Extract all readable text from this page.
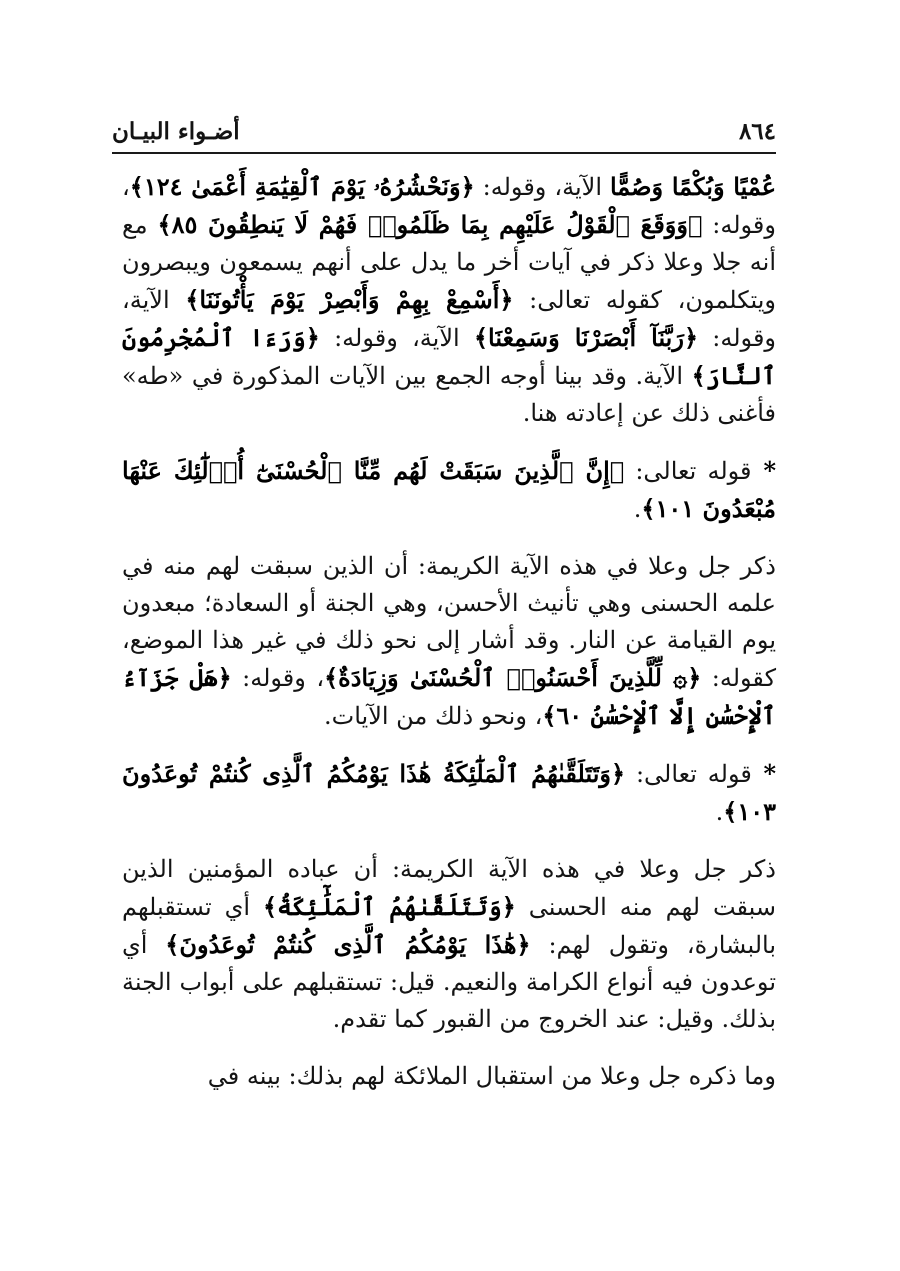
٨٦٤
أضـواء البيـان

عُمْيًا وَبُكْمًا وَصُمًّا الآية، وقوله: ﴿وَنَحْشُرُهُۥ يَوْمَ ٱلْقِيَٰمَةِ أَعْمَىٰ ١٢٤﴾، وقوله: ﴿وَوَقَعَ ٱلْقَوْلُ عَلَيْهِم بِمَا ظَلَمُوا۟ فَهُمْ لَا يَنطِقُونَ ٨٥﴾ مع أنه جلا وعلا ذكر في آيات أخر ما يدل على أنهم يسمعون ويبصرون ويتكلمون، كقوله تعالى: ﴿أَسْمِعْ بِهِمْ وَأَبْصِرْ يَوْمَ يَأْتُونَنَا﴾ الآية، وقوله: ﴿رَبَّنَآ أَبْصَرْنَا وَسَمِعْنَا﴾ الآية، وقوله: ﴿وَرَءَا ٱلْمُجْرِمُونَ ٱلنَّارَ﴾ الآية. وقد بينا أوجه الجمع بين الآيات المذكورة في «طه» فأغنى ذلك عن إعادته هنا.

* قوله تعالى: ﴿إِنَّ ٱلَّذِينَ سَبَقَتْ لَهُم مِّنَّا ٱلْحُسْنَىٰٓ أُو۟لَٰٓئِكَ عَنْهَا مُبْعَدُونَ ١٠١﴾.

ذكر جل وعلا في هذه الآية الكريمة: أن الذين سبقت لهم منه في علمه الحسنى وهي تأنيث الأحسن، وهي الجنة أو السعادة؛ مبعدون يوم القيامة عن النار. وقد أشار إلى نحو ذلك في غير هذا الموضع، كقوله: ﴿۞ لِّلَّذِينَ أَحْسَنُوا۟ ٱلْحُسْنَىٰ وَزِيَادَةٌ﴾، وقوله: ﴿هَلْ جَزَآءُ ٱلْإِحْسَٰنِ إِلَّا ٱلْإِحْسَٰنُ ٦٠﴾، ونحو ذلك من الآيات.

* قوله تعالى: ﴿وَتَتَلَقَّىٰهُمُ ٱلْمَلَٰٓئِكَةُ هَٰذَا يَوْمُكُمُ ٱلَّذِى كُنتُمْ تُوعَدُونَ ١٠٣﴾.

ذكر جل وعلا في هذه الآية الكريمة: أن عباده المؤمنين الذين سبقت لهم منه الحسنى ﴿وَتَتَلَقَّىٰهُمُ ٱلْمَلَٰٓئِكَةُ﴾ أي تستقبلهم بالبشارة، وتقول لهم: ﴿هَٰذَا يَوْمُكُمُ ٱلَّذِى كُنتُمْ تُوعَدُونَ﴾ أي توعدون فيه أنواع الكرامة والنعيم. قيل: تستقبلهم على أبواب الجنة بذلك. وقيل: عند الخروج من القبور كما تقدم.

وما ذكره جل وعلا من استقبال الملائكة لهم بذلك: بينه في
